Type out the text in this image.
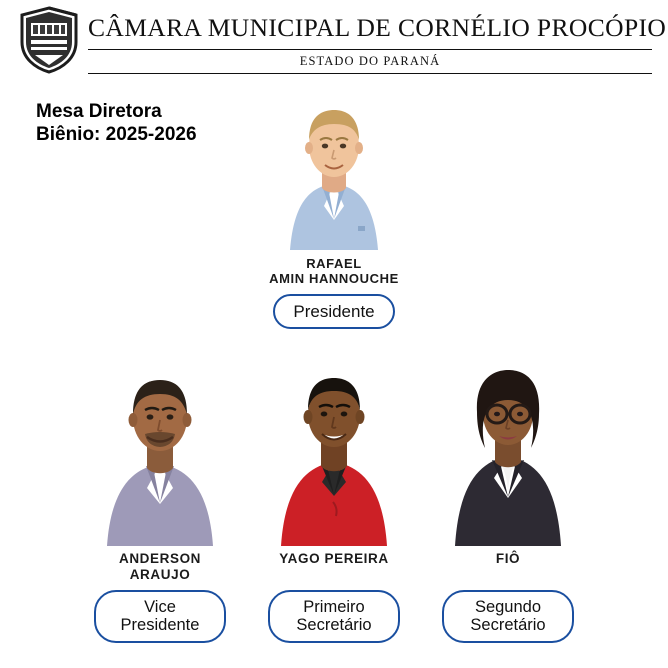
CÂMARA MUNICIPAL DE CORNÉLIO PROCÓPIO
ESTADO DO PARANÁ
Mesa Diretora
Biênio: 2025-2026
RAFAEL
AMIN HANNOUCHE
Presidente
ANDERSON
ARAUJO
Vice
Presidente
YAGO PEREIRA
Primeiro
Secretário
FIÔ
Segundo
Secretário
